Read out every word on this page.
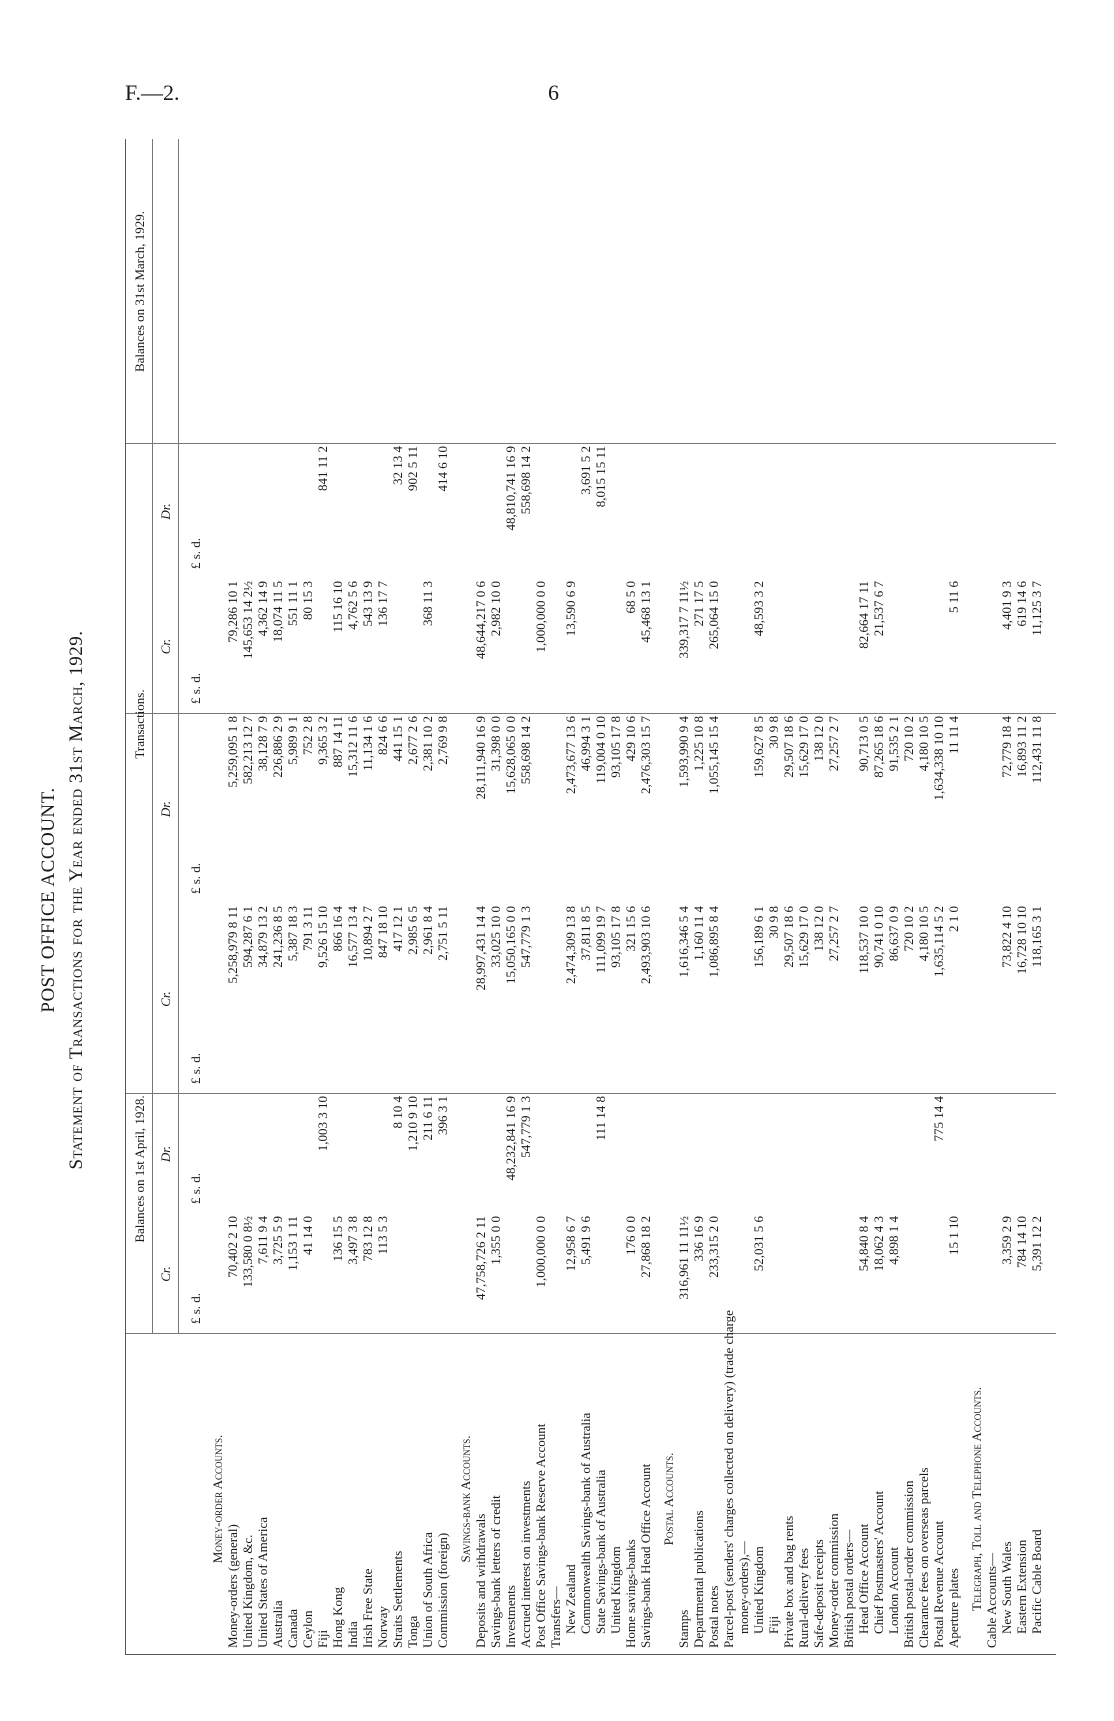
F.—2.	6
POST OFFICE ACCOUNT. Statement of Transactions for the Year ended 31st March, 1929.	Balances on 1st April, 1928.
Transactions.
Balances on 31st March, 1929.
Cr.
Dr.
Cr.
Dr.
Cr.
Dr.
£ s. d.
£ s. d.
£ s. d.
£ s. d.
£ s. d.
£ s. d.
Money-order Accounts.
Money-orders (general)
70,402 2 10
5,258,979 8 11
5,259,095 1 8
79,286 10 1
United Kingdom, &c.
133,580 0 8½
594,287 6 1
582,213 12 7
145,653 14 2½
United States of America
7,611 9 4
34,879 13 2
38,128 7 9
4,362 14 9
Australia
3,725 5 9
241,236 8 5
226,886 2 9
18,074 11 5
Canada
1,153 1 11
5,387 18 3
5,989 9 1
551 11 1
Ceylon
41 14 0
791 3 11
752 2 8
80 15 3
Fiji
1,003 3 10
9,526 15 10
9,365 3 2
841 11 2
Hong Kong
136 15 5
866 16 4
887 14 11
115 16 10
India
3,497 3 8
16,577 13 4
15,312 11 6
4,762 5 6
Irish Free State
783 12 8
10,894 2 7
11,134 1 6
543 13 9
Norway
113 5 3
847 18 10
824 6 6
136 17 7
Straits Settlements
8 10 4
417 12 1
441 15 1
32 13 4
Tonga
1,210 9 10
2,985 6 5
2,677 2 6
902 5 11
Union of South Africa
211 6 11
2,961 8 4
2,381 10 2
368 11 3
Commission (foreign)
396 3 1
2,751 5 11
2,769 9 8
414 6 10
Savings-bank Accounts.
Deposits and withdrawals
47,758,726 2 11
28,997,431 14 4
28,111,940 16 9
48,644,217 0 6
Savings-bank letters of credit
1,355 0 0
33,025 10 0
31,398 0 0
2,982 10 0
Investments
48,232,841 16 9
15,050,165 0 0
15,628,065 0 0
48,810,741 16 9
Accrued interest on investments
547,779 1 3
547,779 1 3
558,698 14 2
558,698 14 2
Post Office Savings-bank Reserve Account
1,000,000 0 0
1,000,000 0 0
Transfers— New Zealand
12,958 6 7
2,474,309 13 8
2,473,677 13 6
13,590 6 9
Commonwealth Savings-bank of Australia
5,491 9 6
37,811 8 5
46,994 3 1
3,691 5 2
State Savings-bank of Australia
111 14 8
111,099 19 7
119,004 0 10
8,015 15 11
United Kingdom
93,105 17 8
93,105 17 8
Home savings-banks
176 0 0
321 15 6
429 10 6
68 5 0
Savings-bank Head Office Account
27,868 18 2
2,493,903 10 6
2,476,303 15 7
45,468 13 1
Postal Accounts.
Stamps
316,961 11 11½
1,616,346 5 4
1,593,990 9 4
339,317 7 11½
Departmental publications
336 16 9
1,160 11 4
1,225 10 8
271 17 5
Postal notes
233,315 2 0
1,086,895 8 4
1,055,145 15 4
265,064 15 0
Parcel-post (senders' charges collected on delivery) (trade charge money-orders),— United Kingdom
52,031 5 6
156,189 6 1
159,627 8 5
48,593 3 2
Fiji
30 9 8
30 9 8
Private box and bag rents
29,507 18 6
29,507 18 6
Rural-delivery fees
15,629 17 0
15,629 17 0
Safe-deposit receipts
138 12 0
138 12 0
Money-order commission
27,257 2 7
27,257 2 7
British postal orders— Head Office Account
54,840 8 4
118,537 10 0
90,713 0 5
82,664 17 11
Chief Postmasters' Account
18,062 4 3
90,741 0 10
87,265 18 6
21,537 6 7
London Account
4,898 1 4
86,637 0 9
91,535 2 1
British postal-order commission
720 10 2
720 10 2
Clearance fees on overseas parcels
4,180 10 5
4,180 10 5
Postal Revenue Account
775 14 4
1,635,114 5 2
1,634,338 10 10
Aperture plates
15 1 10
2 1 0
11 11 4
5 11 6
Telegraph, Toll and Telephone Accounts. Cable Accounts— New South Wales
3,359 2 9
73,822 4 10
72,779 18 4
4,401 9 3
Eastern Extension
784 14 10
16,728 10 10
16,893 11 2
619 14 6
Pacific Cable Board
5,391 12 2
118,165 3 1
112,431 11 8
11,125 3 7
